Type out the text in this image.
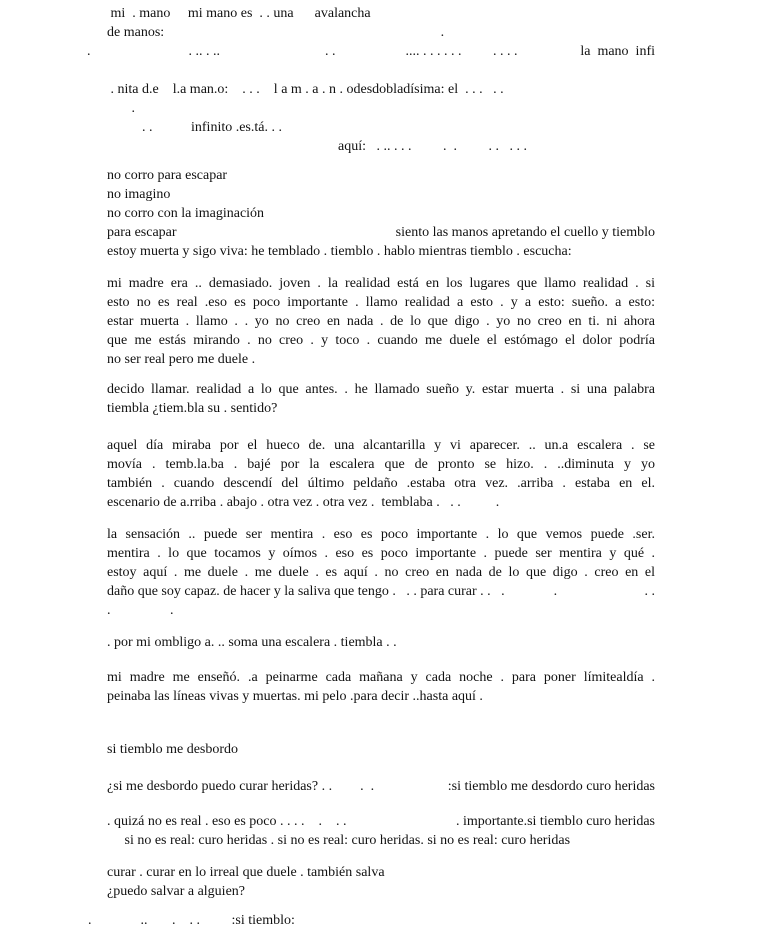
mi  . mano     mi mano es  . . una      avalancha
de manos:                                                                               .
.                            . .. . ..                              . .                    .... . . . . . .         . . . .	la  mano  infi
. nita d.e    l.a man.o:    . . .    l a m . a . n . odesdobladísima: el  . . .   . .
.
. .           infinito .es.tá. . .
aquí:   . .. . . .         .  .         . .   . . .
no corro para escapar
no imagino
no corro con la imaginación
para escapar	siento las manos apretando el cuello y tiemblo
estoy muerta y sigo viva: he temblado . tiemblo . hablo mientras tiemblo . escucha:
mi madre era .. demasiado. joven . la realidad está en los lugares que llamo realidad . si
esto no es real .eso es poco importante . llamo realidad a esto . y a esto: sueño. a esto:
estar muerta . llamo . . yo no creo en nada . de lo que digo . yo no creo en ti. ni ahora
que me estás mirando . no creo . y toco . cuando me duele el estómago el dolor podría
no ser real pero me duele .
decido llamar. realidad a lo que antes. . he llamado sueño y. estar muerta . si una palabra
tiembla ¿tiem.bla su . sentido?
aquel día miraba por el hueco de. una alcantarilla y vi aparecer. .. un.a escalera . se
movía . temb.la.ba . bajé por la escalera que de pronto se hizo. . ..diminuta y yo
también . cuando descendí del último peldaño .estaba otra vez. .arriba . estaba en el.
escenario de a.rriba . abajo . otra vez . otra vez .  temblaba .   . .          .
la sensación .. puede ser mentira . eso es poco importante . lo que vemos puede .ser.
mentira . lo que tocamos y oímos . eso es poco importante . puede ser mentira y qué .
estoy aquí . me duele . me duele . es aquí . no creo en nada de lo que digo . creo en el
daño que soy capaz. de hacer y la saliva que tengo .   . . para curar . .   .              .	. .
.                 .
. por mi ombligo a. .. soma una escalera . tiembla . .
mi madre me enseñó. .a peinarme cada mañana y cada noche . para poner límitealdía .
peinaba las líneas vivas y muertas. mi pelo .para decir ..hasta aquí .
si tiemblo me desbordo
¿si me desbordo puedo curar heridas? . .        .  .	:si tiemblo me desdordo curo heridas
. quizá no es real . eso es poco . . . .    .    . .	. importante.si tiemblo curo heridas
si no es real: curo heridas . si no es real: curo heridas. si no es real: curo heridas
curar . curar en lo irreal que duele . también salva
¿puedo salvar a alguien?
.              ..       .    . .         :si tiemblo:
